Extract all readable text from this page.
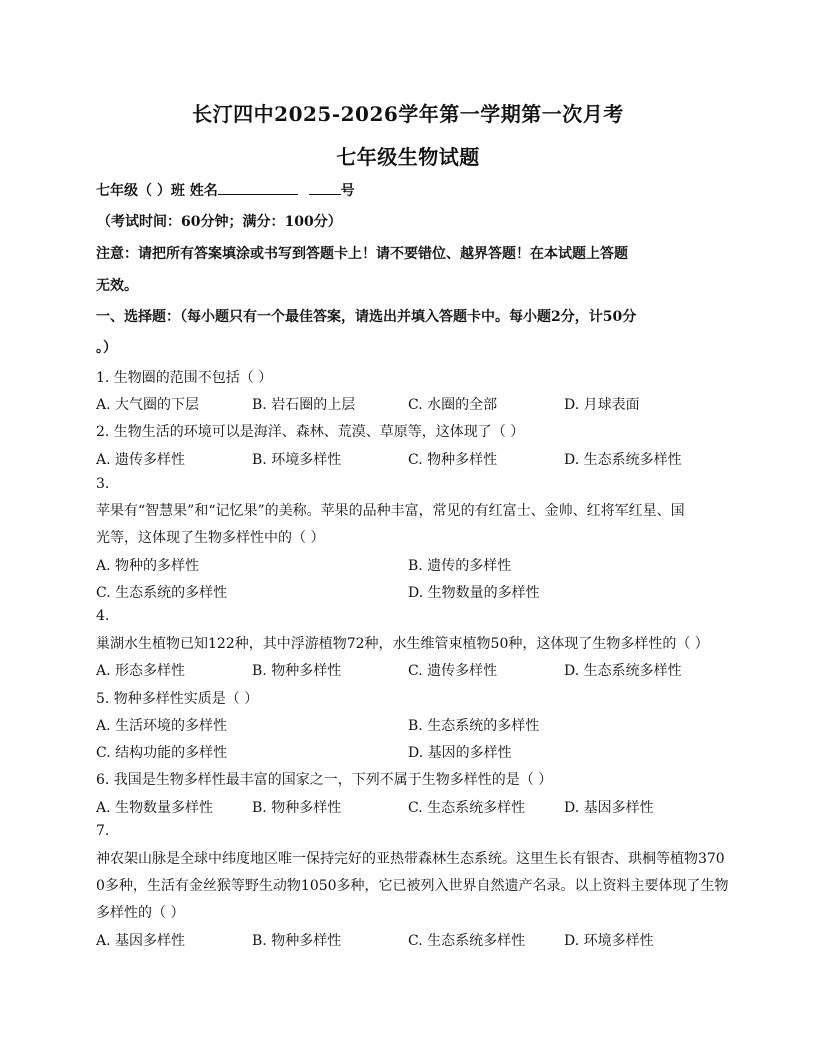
长汀四中2025-2026学年第一学期第一次月考
七年级生物试题
七年级（ ）班 姓名	号
（考试时间：60分钟；满分：100分）
注意：请把所有答案填涂或书写到答题卡上！请不要错位、越界答题！在本试题上答题
无效。
一、选择题：（每小题只有一个最佳答案，请选出并填入答题卡中。每小题2分，计50分
。）
1. 生物圈的范围不包括（ ）
A. 大气圈的下层	B. 岩石圈的上层	C. 水圈的全部	D. 月球表面
2. 生物生活的环境可以是海洋、森林、荒漠、草原等，这体现了（ ）
A. 遗传多样性	B. 环境多样性	C. 物种多样性	D. 生态系统多样性
3.
苹果有“智慧果”和“记忆果”的美称。苹果的品种丰富，常见的有红富士、金帅、红将军红星、国
光等，这体现了生物多样性中的（ ）
A. 物种的多样性	B. 遗传的多样性
C. 生态系统的多样性	D. 生物数量的多样性
4.
巢湖水生植物已知122种，其中浮游植物72种，水生维管束植物50种，这体现了生物多样性的（ ）
A. 形态多样性	B. 物种多样性	C. 遗传多样性	D. 生态系统多样性
5. 物种多样性实质是（ ）
A. 生活环境的多样性	B. 生态系统的多样性
C. 结构功能的多样性	D. 基因的多样性
6. 我国是生物多样性最丰富的国家之一，下列不属于生物多样性的是（ ）
A. 生物数量多样性	B. 物种多样性	C. 生态系统多样性	D. 基因多样性
7.
神农架山脉是全球中纬度地区唯一保持完好的亚热带森林生态系统。这里生长有银杏、珙桐等植物370
0多种，生活有金丝猴等野生动物1050多种，它已被列入世界自然遗产名录。以上资料主要体现了生物
多样性的（ ）
A. 基因多样性	B. 物种多样性	C. 生态系统多样性	D. 环境多样性
